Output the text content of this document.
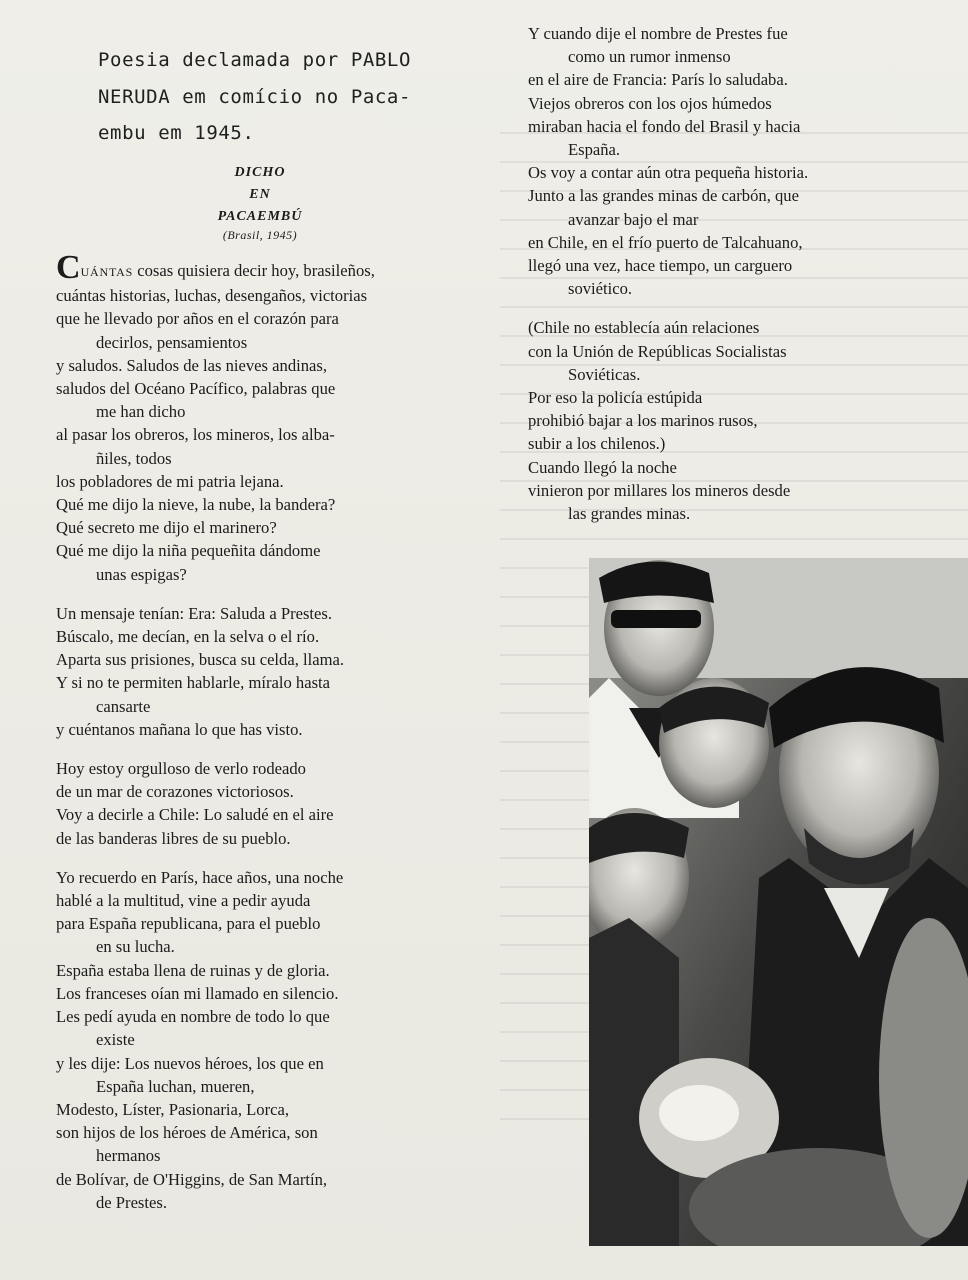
Poesia declamada por PABLO
NERUDA em comício no Paca-
embu em 1945.
DICHO
EN
PACAEMBÚ
(Brasil, 1945)
CUÁNTAS cosas quisiera decir hoy, brasileños,
cuántas historias, luchas, desengaños, victorias
que he llevado por años en el corazón para
decirlos, pensamientos
y saludos. Saludos de las nieves andinas,
saludos del Océano Pacífico, palabras que
me han dicho
al pasar los obreros, los mineros, los alba-
ñiles, todos
los pobladores de mi patria lejana.
Qué me dijo la nieve, la nube, la bandera?
Qué secreto me dijo el marinero?
Qué me dijo la niña pequeñita dándome
unas espigas?
Un mensaje tenían: Era: Saluda a Prestes.
Búscalo, me decían, en la selva o el río.
Aparta sus prisiones, busca su celda, llama.
Y si no te permiten hablarle, míralo hasta
cansarte
y cuéntanos mañana lo que has visto.
Hoy estoy orgulloso de verlo rodeado
de un mar de corazones victoriosos.
Voy a decirle a Chile: Lo saludé en el aire
de las banderas libres de su pueblo.
Yo recuerdo en París, hace años, una noche
hablé a la multitud, vine a pedir ayuda
para España republicana, para el pueblo
en su lucha.
España estaba llena de ruinas y de gloria.
Los franceses oían mi llamado en silencio.
Les pedí ayuda en nombre de todo lo que
existe
y les dije: Los nuevos héroes, los que en
España luchan, mueren,
Modesto, Líster, Pasionaria, Lorca,
son hijos de los héroes de América, son
hermanos
de Bolívar, de O'Higgins, de San Martín,
de Prestes.
Y cuando dije el nombre de Prestes fue
como un rumor inmenso
en el aire de Francia: París lo saludaba.
Viejos obreros con los ojos húmedos
miraban hacia el fondo del Brasil y hacia
España.
Os voy a contar aún otra pequeña historia.
Junto a las grandes minas de carbón, que
avanzar bajo el mar
en Chile, en el frío puerto de Talcahuano,
llegó una vez, hace tiempo, un carguero
soviético.
(Chile no establecía aún relaciones
con la Unión de Repúblicas Socialistas
Soviéticas.
Por eso la policía estúpida
prohibió bajar a los marinos rusos,
subir a los chilenos.)
Cuando llegó la noche
vinieron por millares los mineros desde
las grandes minas.
